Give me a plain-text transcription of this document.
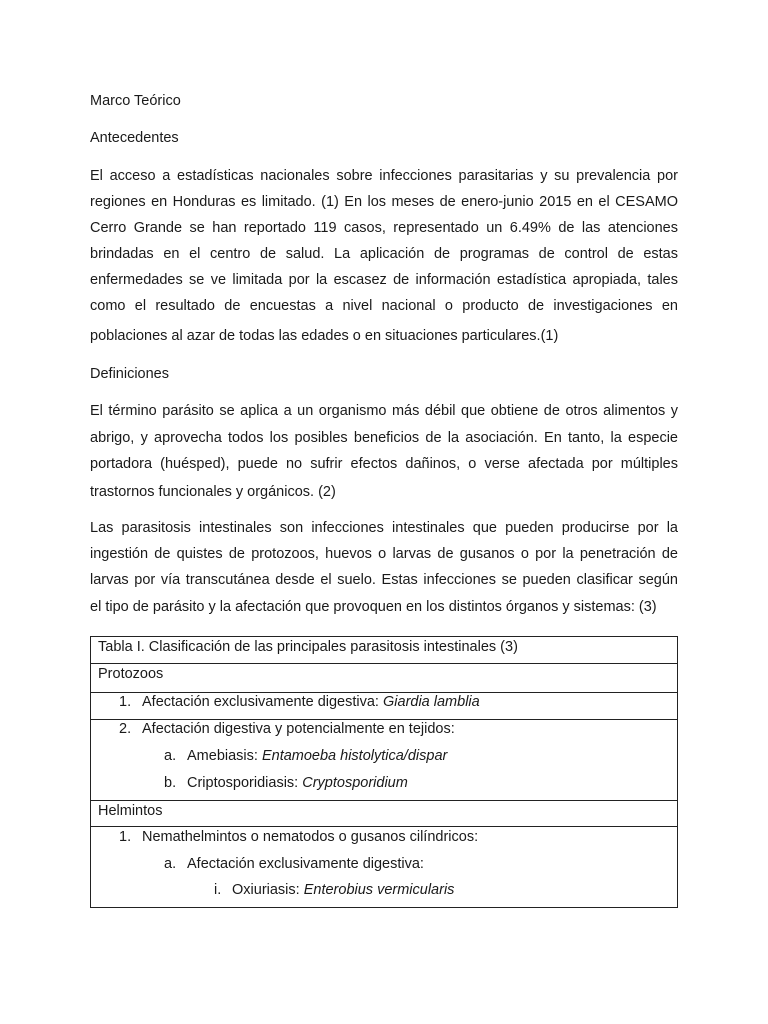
Marco Teórico
Antecedentes
El acceso a estadísticas nacionales sobre infecciones parasitarias y su prevalencia por
regiones en Honduras es limitado. (1) En los meses de enero-junio 2015 en el CESAMO
Cerro Grande se han reportado 119 casos, representado un 6.49% de las atenciones
brindadas en el centro de salud. La aplicación de programas de control de estas
enfermedades se ve limitada por la escasez de información estadística apropiada, tales
como el resultado de encuestas a nivel nacional o producto de investigaciones en
poblaciones al azar de todas las edades o en situaciones particulares.(1)
Definiciones
El término parásito se aplica a un organismo más débil que obtiene de otros alimentos y
abrigo, y aprovecha todos los posibles beneficios de la asociación. En tanto, la especie
portadora (huésped), puede no sufrir efectos dañinos, o verse afectada por múltiples
trastornos funcionales y orgánicos. (2)
Las parasitosis intestinales son infecciones intestinales que pueden producirse por la
ingestión de quistes de protozoos, huevos o larvas de gusanos o por la penetración de
larvas por vía transcutánea desde el suelo. Estas infecciones se pueden clasificar según
el tipo de parásito y la afectación que provoquen en los distintos órganos y sistemas: (3)
Tabla I. Clasificación de las principales parasitosis intestinales (3)
Protozoos
1. Afectación exclusivamente digestiva: Giardia lamblia
2. Afectación digestiva y potencialmente en tejidos:
a. Amebiasis: Entamoeba histolytica/dispar
b. Criptosporidiasis: Cryptosporidium
Helmintos
1. Nemathelmintos o nematodos o gusanos cilíndricos:
a. Afectación exclusivamente digestiva:
i. Oxiuriasis: Enterobius vermicularis
